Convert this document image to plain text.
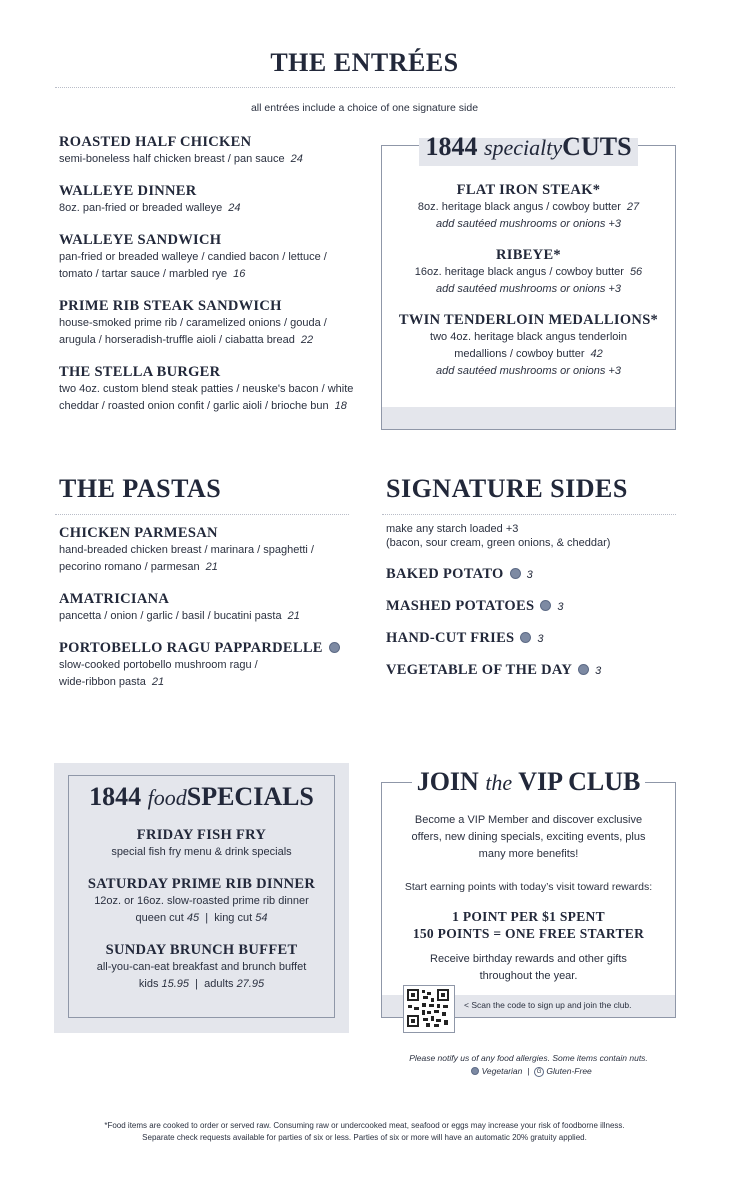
THE ENTRÉES
all entrées include a choice of one signature side

ROASTED HALF CHICKEN

semi-boneless half chicken breast / pan sauce 24

WALLEYE DINNER

8oz. pan-fried or breaded walleye 24

WALLEYE SANDWICH

pan-fried or breaded walleye / candied bacon / lettuce / tomato / tartar sauce / marbled rye 16

PRIME RIB STEAK SANDWICH

house-smoked prime rib / caramelized onions / gouda / arugula / horseradish-truffle aioli / ciabatta bread 22

THE STELLA BURGER

two 4oz. custom blend steak patties / neuske's bacon / white cheddar / roasted onion confit / garlic aioli / brioche bun 18

1844 specialtyCUTS

FLAT IRON STEAK*

8oz. heritage black angus / cowboy butter 27

add sautéed mushrooms or onions +3

RIBEYE*

16oz. heritage black angus / cowboy butter 56

add sautéed mushrooms or onions +3

TWIN TENDERLOIN MEDALLIONS*

two 4oz. heritage black angus tenderloin medallions / cowboy butter 42

add sautéed mushrooms or onions +3

THE PASTAS

CHICKEN PARMESAN

hand-breaded chicken breast / marinara / spaghetti / pecorino romano / parmesan 21

AMATRICIANA

pancetta / onion / garlic / basil / bucatini pasta 21

PORTOBELLO RAGU PAPPARDELLE

slow-cooked portobello mushroom ragu / wide-ribbon pasta 21

SIGNATURE SIDES
make any starch loaded +3
(bacon, sour cream, green onions, & cheddar)

BAKED POTATO 3

MASHED POTATOES 3

HAND-CUT FRIES 3

VEGETABLE OF THE DAY 3

1844 foodSPECIALS

FRIDAY FISH FRY

special fish fry menu & drink specials

SATURDAY PRIME RIB DINNER

12oz. or 16oz. slow-roasted prime rib dinner

queen cut 45  |  king cut 54

SUNDAY BRUNCH BUFFET

all-you-can-eat breakfast and brunch buffet

kids 15.95  |  adults 27.95

JOIN the VIP CLUB

Become a VIP Member and discover exclusive offers, new dining specials, exciting events, plus many more benefits!

Start earning points with today’s visit toward rewards:

1 POINT PER $1 SPENT

150 POINTS = ONE FREE STARTER

Receive birthday rewards and other gifts throughout the year.

< Scan the code to sign up and join the club.
Please notify us of any food allergies. Some items contain nuts.
Vegetarian  |  G Gluten-Free
*Food items are cooked to order or served raw. Consuming raw or undercooked meat, seafood or eggs may increase your risk of foodborne illness.
Separate check requests available for parties of six or less. Parties of six or more will have an automatic 20% gratuity applied.
